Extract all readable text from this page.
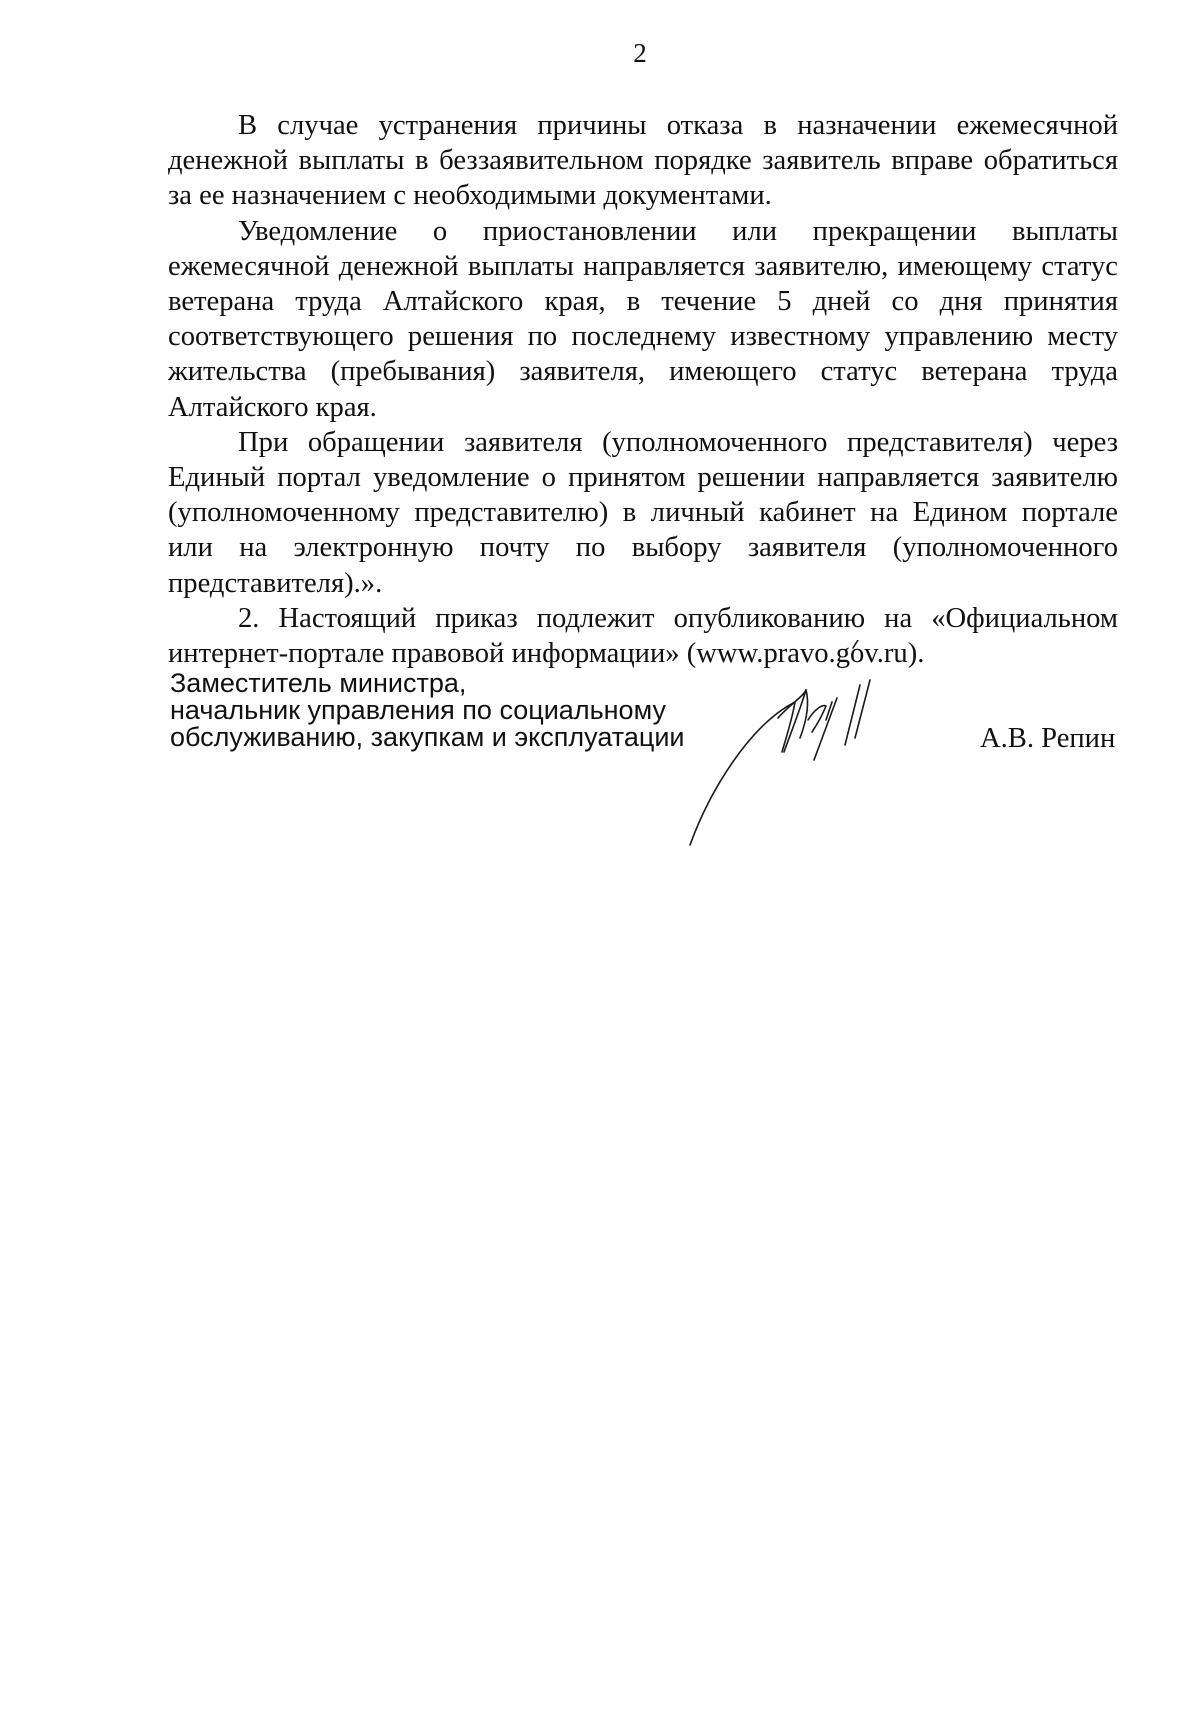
2

В случае устранения причины отказа в назначении ежемесячной денежной выплаты в беззаявительном порядке заявитель вправе обратиться за ее назначением с необходимыми документами.

Уведомление о приостановлении или прекращении выплаты ежемесячной денежной выплаты направляется заявителю, имеющему статус ветерана труда Алтайского края, в течение 5 дней со дня принятия соответствующего решения по последнему известному управлению месту жительства (пребывания) заявителя, имеющего статус ветерана труда Алтайского края.

При обращении заявителя (уполномоченного представителя) через Единый портал уведомление о принятом решении направляется заявителю (уполномоченному представителю) в личный кабинет на Едином портале или на электронную почту по выбору заявителя (уполномоченного представителя).».

2. Настоящий приказ подлежит опубликованию на «Официальном интернет-портале правовой информации» (www.pravo.gov.ru).

Заместитель министра,
начальник управления по социальному
обслуживанию, закупкам и эксплуатации	А.В. Репин
